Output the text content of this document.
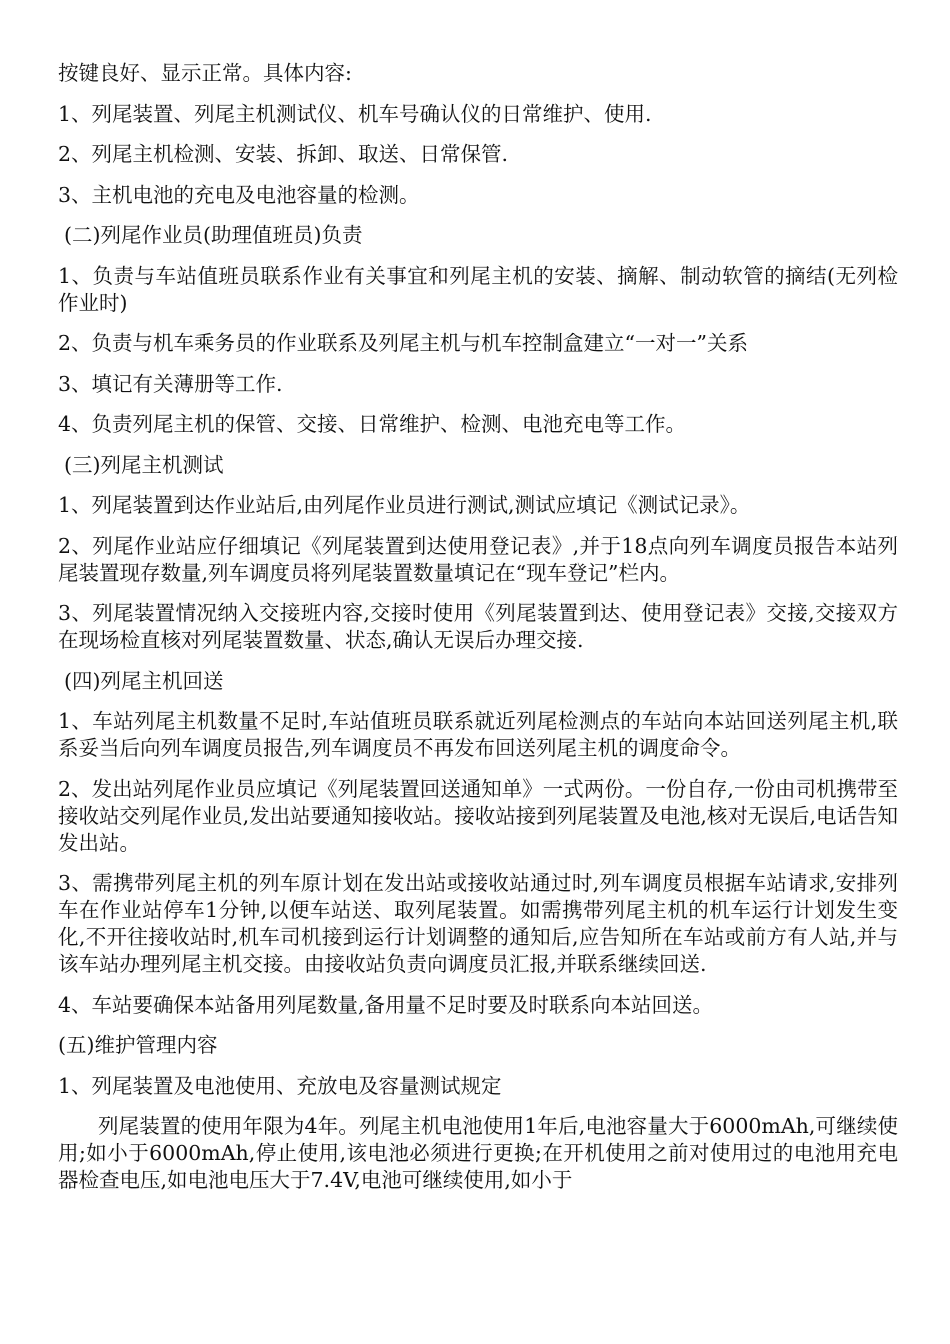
按键良好、显示正常。具体内容:

1、列尾装置、列尾主机测试仪、机车号确认仪的日常维护、使用.

2、列尾主机检测、安装、拆卸、取送、日常保管.

3、主机电池的充电及电池容量的检测。

(二)列尾作业员(助理值班员)负责

1、负责与车站值班员联系作业有关事宜和列尾主机的安装、摘解、制动软管的摘结(无列检作业时)

2、负责与机车乘务员的作业联系及列尾主机与机车控制盒建立“一对一”关系

3、填记有关薄册等工作.

4、负责列尾主机的保管、交接、日常维护、检测、电池充电等工作。

(三)列尾主机测试

1、列尾装置到达作业站后,由列尾作业员进行测试,测试应填记《测试记录》。

2、列尾作业站应仔细填记《列尾装置到达使用登记表》,并于18点向列车调度员报告本站列尾装置现存数量,列车调度员将列尾装置数量填记在“现车登记”栏内。

3、列尾装置情况纳入交接班内容,交接时使用《列尾装置到达、使用登记表》交接,交接双方在现场检直核对列尾装置数量、状态,确认无误后办理交接.

(四)列尾主机回送

1、车站列尾主机数量不足时,车站值班员联系就近列尾检测点的车站向本站回送列尾主机,联系妥当后向列车调度员报告,列车调度员不再发布回送列尾主机的调度命令。

2、发出站列尾作业员应填记《列尾装置回送通知单》一式两份。一份自存,一份由司机携带至接收站交列尾作业员,发出站要通知接收站。接收站接到列尾装置及电池,核对无误后,电话告知发出站。

3、需携带列尾主机的列车原计划在发出站或接收站通过时,列车调度员根据车站请求,安排列车在作业站停车1分钟,以便车站送、取列尾装置。如需携带列尾主机的机车运行计划发生变化,不开往接收站时,机车司机接到运行计划调整的通知后,应告知所在车站或前方有人站,并与该车站办理列尾主机交接。由接收站负责向调度员汇报,并联系继续回送.

4、车站要确保本站备用列尾数量,备用量不足时要及时联系向本站回送。

(五)维护管理内容

1、列尾装置及电池使用、充放电及容量测试规定

列尾装置的使用年限为4年。列尾主机电池使用1年后,电池容量大于6000mAh,可继续使用;如小于6000mAh,停止使用,该电池必须进行更换;在开机使用之前对使用过的电池用充电器检查电压,如电池电压大于7.4V,电池可继续使用,如小于
